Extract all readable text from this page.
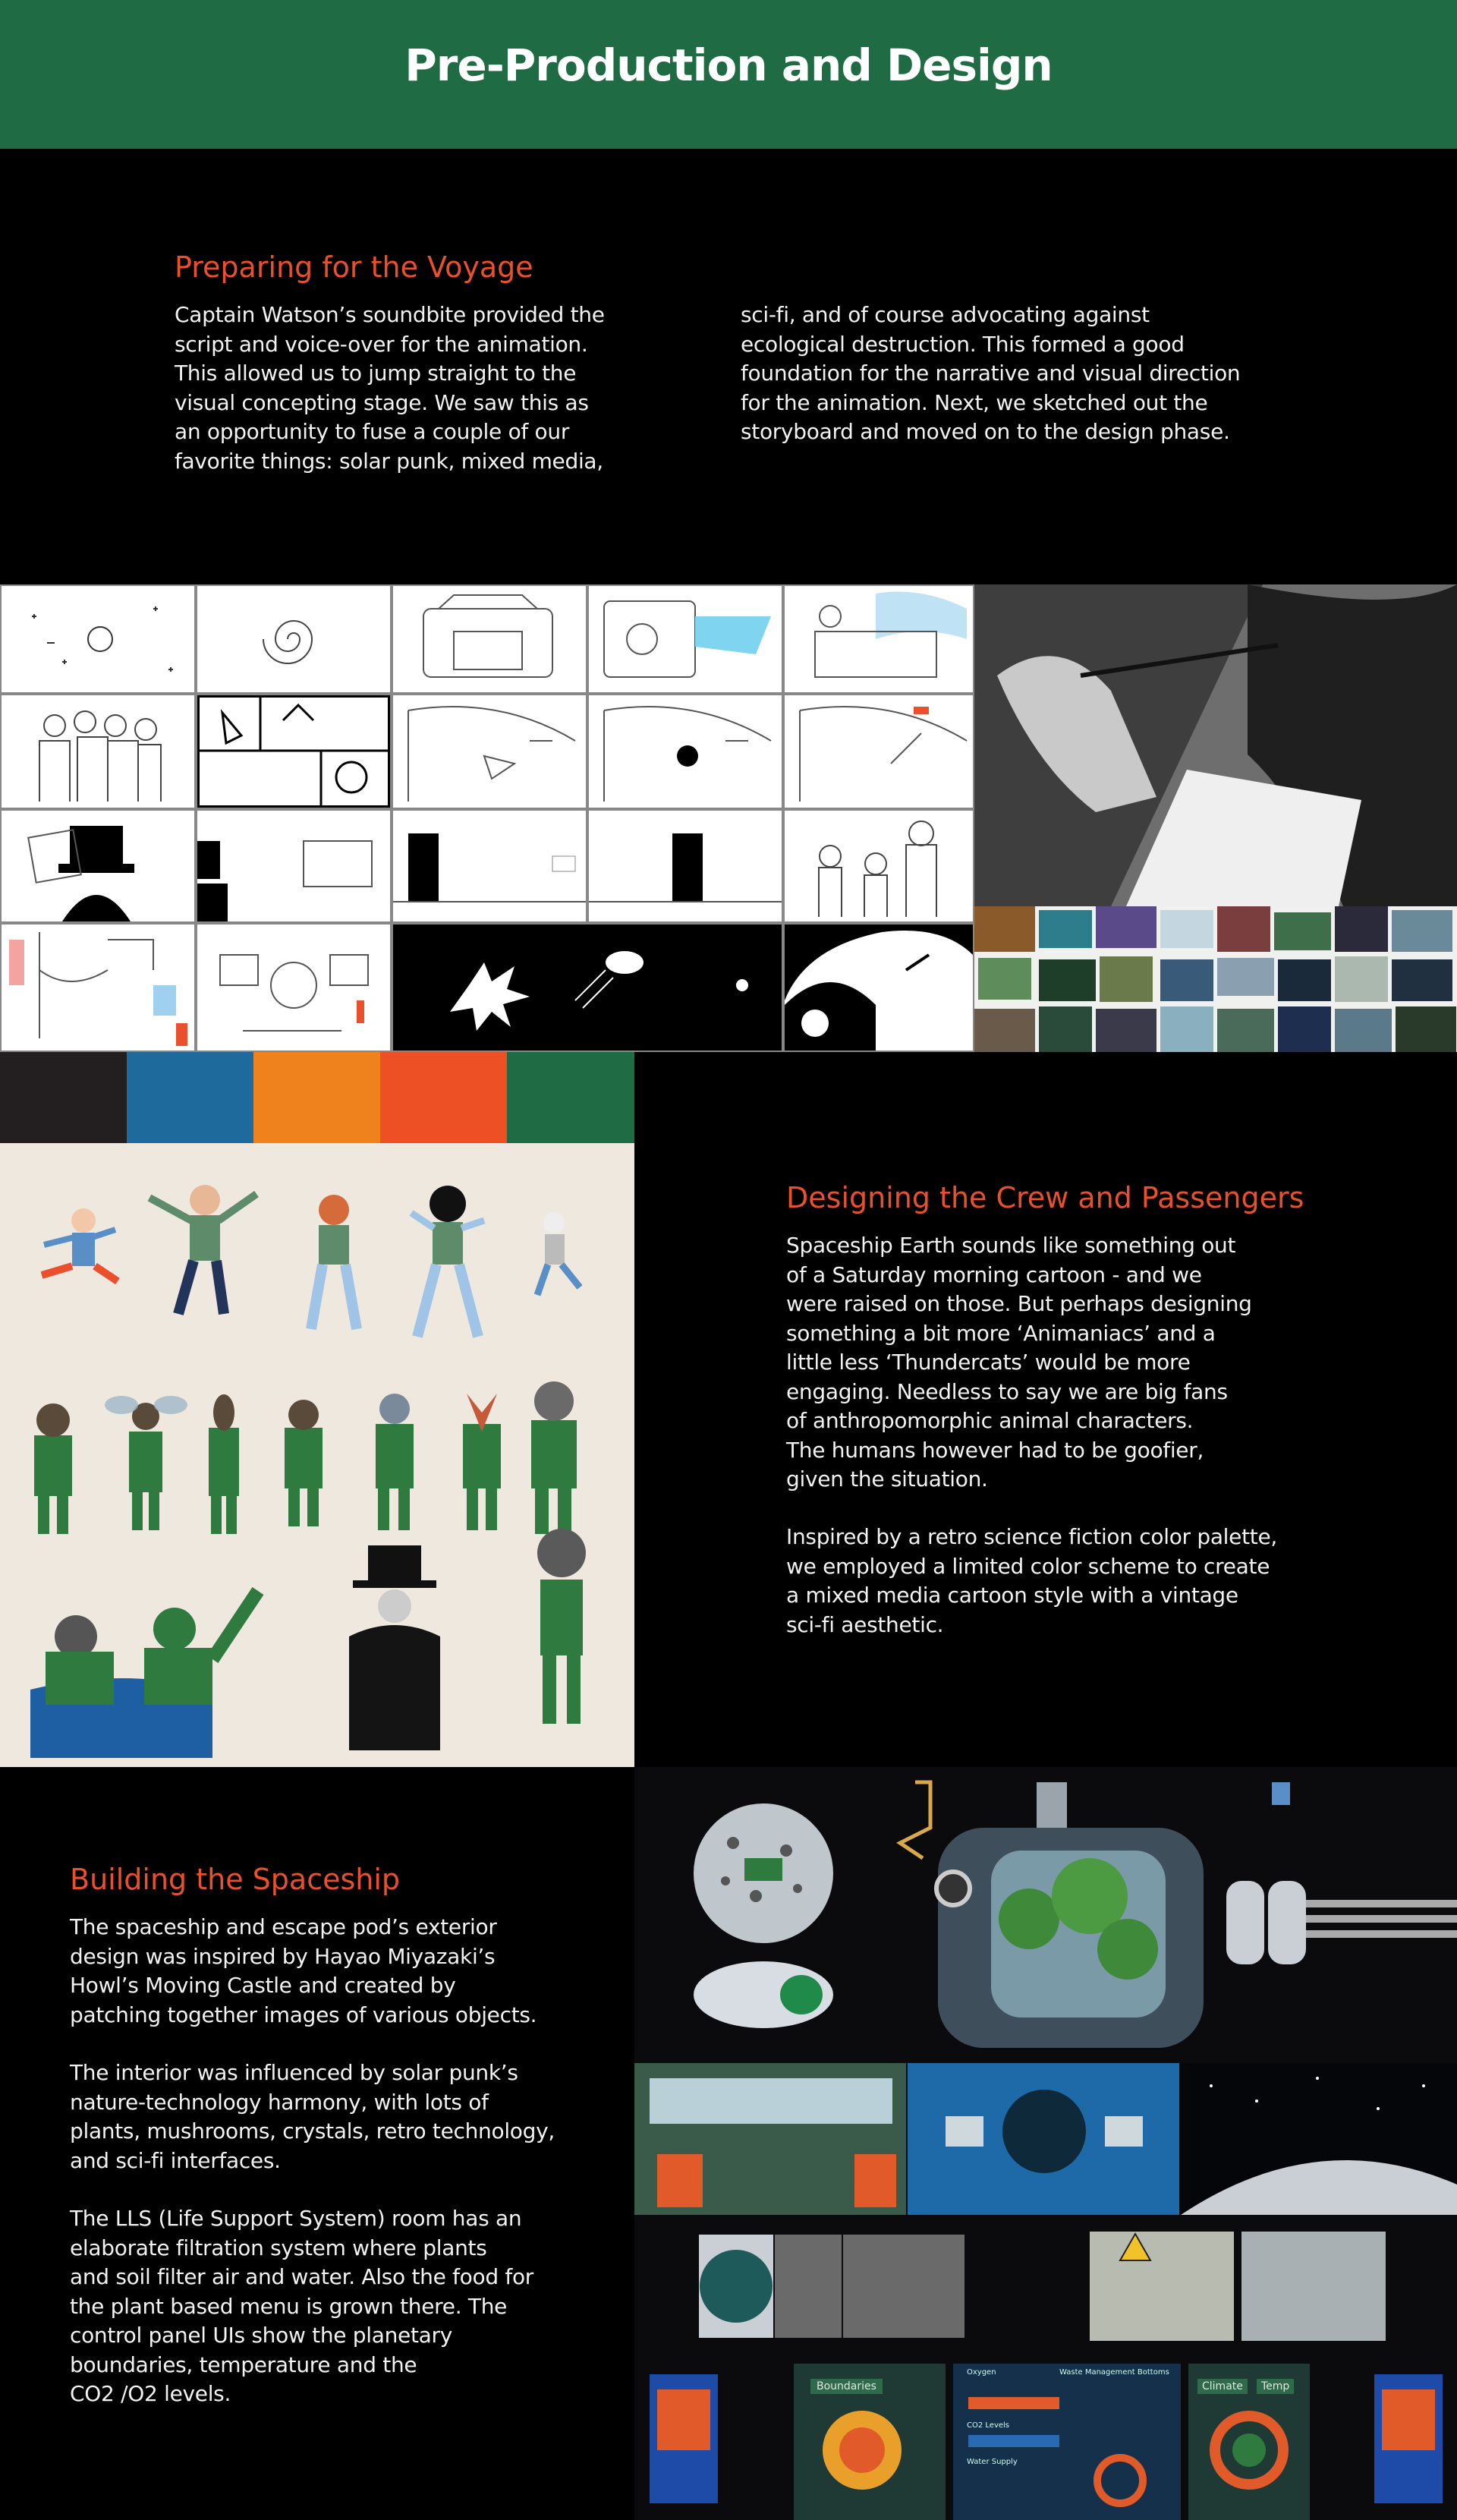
Pre-Production and Design
Preparing for the Voyage
Captain Watson’s soundbite provided the
script and voice-over for the animation.
This allowed us to jump straight to the
visual concepting stage. We saw this as
an opportunity to fuse a couple of our
favorite things: solar punk, mixed media,
sci-fi, and of course advocating against
ecological destruction. This formed a good
foundation for the narrative and visual direction
for the animation. Next, we sketched out the
storyboard and moved on to the design phase.
Designing the Crew and Passengers
Spaceship Earth sounds like something out
of a Saturday morning cartoon - and we
were raised on those. But perhaps designing
something a bit more ‘Animaniacs’ and a
little less ‘Thundercats’ would be more
engaging. Needless to say we are big fans
of anthropomorphic animal characters.
The humans however had to be goofier,
given the situation.
Inspired by a retro science fiction color palette,
we employed a limited color scheme to create
a mixed media cartoon style with a vintage
sci-fi aesthetic.
Building the Spaceship
The spaceship and escape pod’s exterior
design was inspired by Hayao Miyazaki’s
Howl’s Moving Castle and created by
patching together images of various objects.
The interior was influenced by solar punk’s
nature-technology harmony, with lots of
plants, mushrooms, crystals, retro technology,
and sci-fi interfaces.
The LLS (Life Support System) room has an
elaborate filtration system where plants
and soil filter air and water. Also the food for
the plant based menu is grown there. The
control panel UIs show the planetary
boundaries, temperature and the
CO2 /O2 levels.	Boundaries
Oxygen	Waste Management Bottoms
CO2 Levels
Water Supply
Climate	Temp
